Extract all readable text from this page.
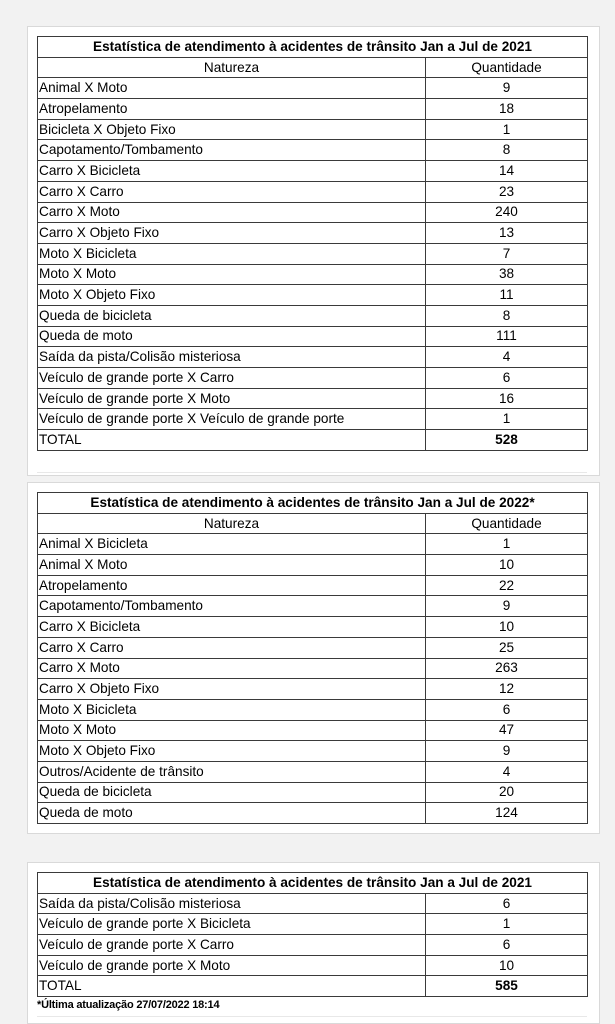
Estatística de atendimento à acidentes de trânsito Jan a Jul de 2021	
Natureza	Quantidade
Animal X Moto	9
Atropelamento	18
Bicicleta X Objeto Fixo	1
Capotamento/Tombamento	8
Carro X Bicicleta	14
Carro X Carro	23
Carro X Moto	240
Carro X Objeto Fixo	13
Moto X Bicicleta	7
Moto X Moto	38
Moto X Objeto Fixo	11
Queda de bicicleta	8
Queda de moto	111
Saída da pista/Colisão misteriosa	4
Veículo de grande porte X Carro	6
Veículo de grande porte X Moto	16
Veículo de grande porte X Veículo de grande porte	1
TOTAL	528
Estatística de atendimento à acidentes de trânsito Jan a Jul de 2022*	
Natureza	Quantidade
Animal X Bicicleta	1
Animal X Moto	10
Atropelamento	22
Capotamento/Tombamento	9
Carro X Bicicleta	10
Carro X Carro	25
Carro X Moto	263
Carro X Objeto Fixo	12
Moto X Bicicleta	6
Moto X Moto	47
Moto X Objeto Fixo	9
Outros/Acidente de trânsito	4
Queda de bicicleta	20
Queda de moto	124
Estatística de atendimento à acidentes de trânsito Jan a Jul de 2021	
Saída da pista/Colisão misteriosa	6
Veículo de grande porte X Bicicleta	1
Veículo de grande porte X Carro	6
Veículo de grande porte X Moto	10
TOTAL	585
*Última atualização 27/07/2022 18:14
